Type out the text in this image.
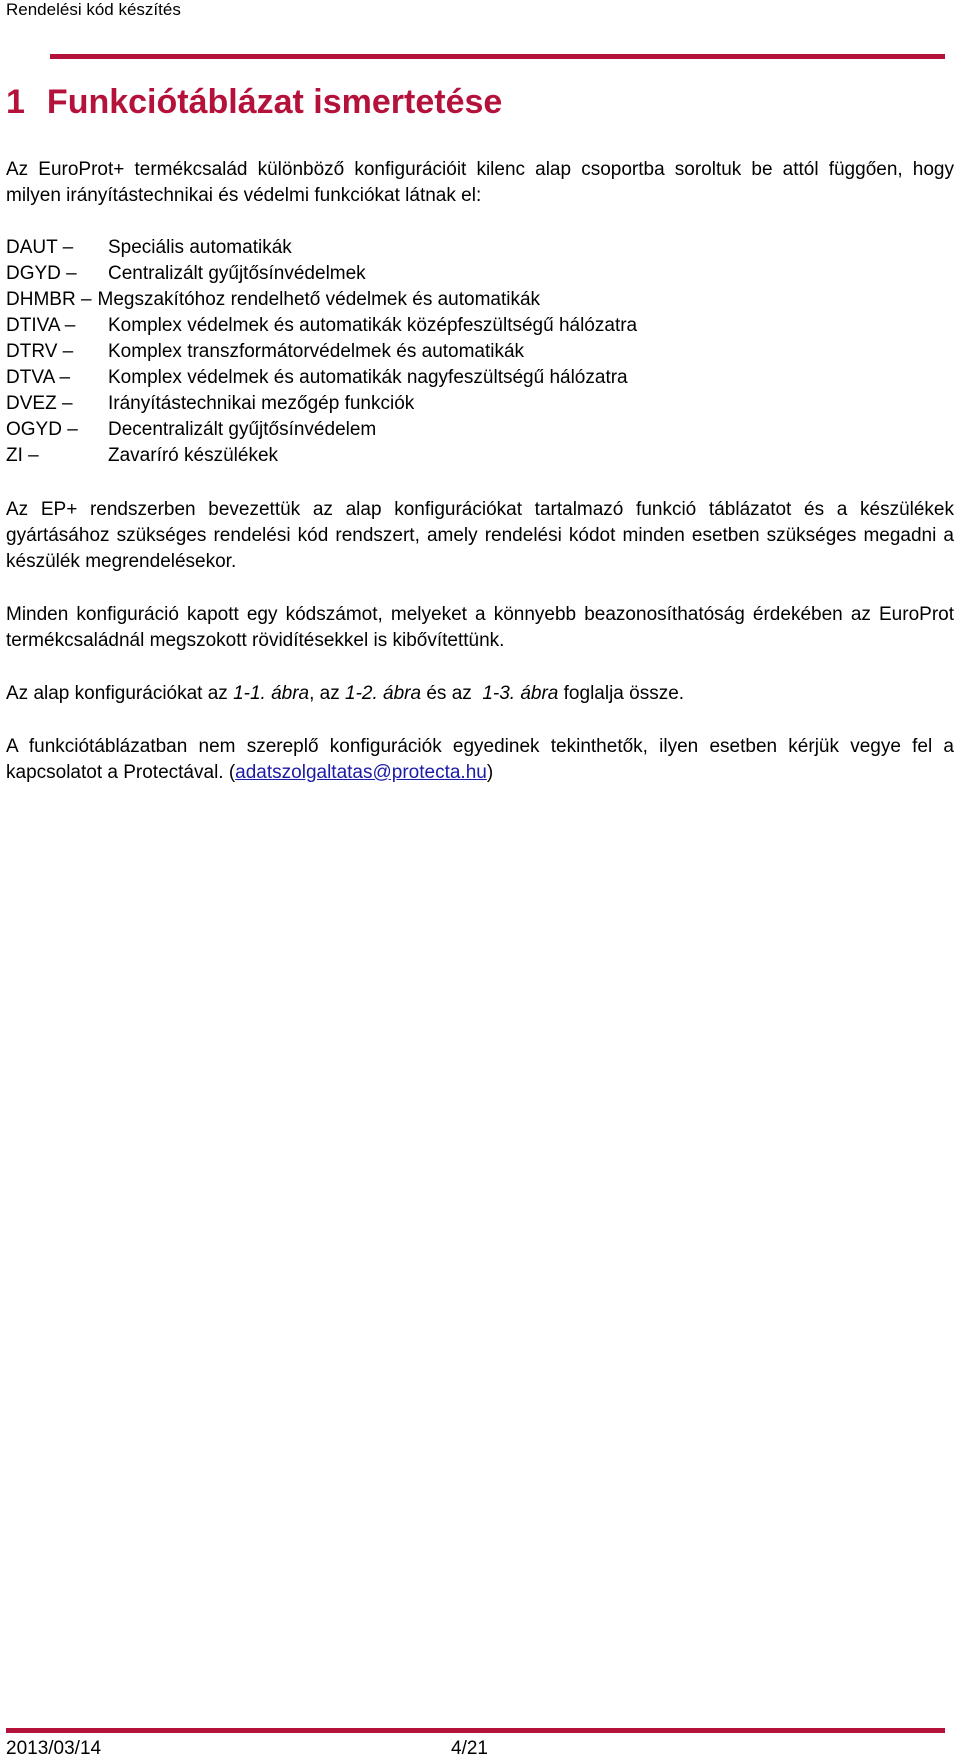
Rendelési kód készítés
1 Funkciótáblázat ismertetése

Az EuroProt+ termékcsalád különböző konfigurációit kilenc alap csoportba soroltuk be attól függően, hogy milyen irányítástechnikai és védelmi funkciókat látnak el:

DAUT – Speciális automatikák
DGYD – Centralizált gyűjtősínvédelmek
DHMBR – Megszakítóhoz rendelhető védelmek és automatikák
DTIVA – Komplex védelmek és automatikák középfeszültségű hálózatra
DTRV – Komplex transzformátorvédelmek és automatikák
DTVA – Komplex védelmek és automatikák nagyfeszültségű hálózatra
DVEZ – Irányítástechnikai mezőgép funkciók
OGYD – Decentralizált gyűjtősínvédelem
ZI –	Zavaríró készülékek

Az EP+ rendszerben bevezettük az alap konfigurációkat tartalmazó funkció táblázatot és a készülékek gyártásához szükséges rendelési kód rendszert, amely rendelési kódot minden esetben szükséges megadni a készülék megrendelésekor.

Minden konfiguráció kapott egy kódszámot, melyeket a könnyebb beazonosíthatóság érdekében az EuroProt termékcsaládnál megszokott rövidítésekkel is kibővítettünk.

Az alap konfigurációkat az 1-1. ábra, az 1-2. ábra és az  1-3. ábra foglalja össze.

A funkciótáblázatban nem szereplő konfigurációk egyedinek tekinthetők, ilyen esetben kérjük vegye fel a kapcsolatot a Protectával. (adatszolgaltatas@protecta.hu)

2013/03/14	4/21
